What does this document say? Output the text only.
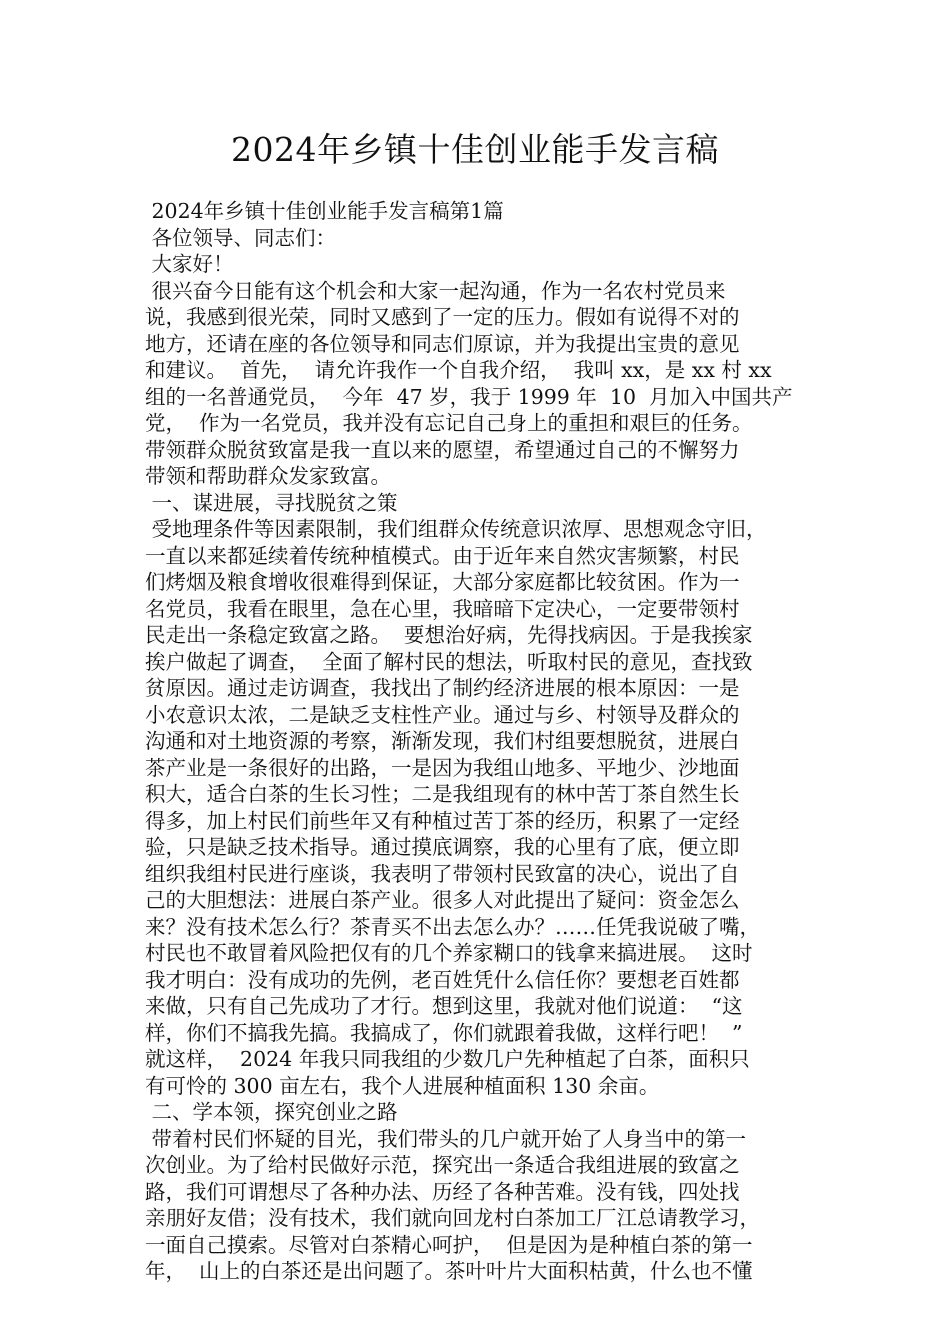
2024年乡镇十佳创业能手发言稿
2024年乡镇十佳创业能手发言稿第1篇
各位领导、同志们：
大家好！
很兴奋今日能有这个机会和大家一起沟通，作为一名农村党员来
说，我感到很光荣，同时又感到了一定的压力。假如有说得不对的
地方，还请在座的各位领导和同志们原谅，并为我提出宝贵的意见
和建议。  首先，  请允许我作一个自我介绍，  我叫 xx，是 xx 村 xx
组的一名普通党员，  今年  47 岁，我于 1999 年  10  月加入中国共产
党，  作为一名党员，我并没有忘记自己身上的重担和艰巨的任务。
带领群众脱贫致富是我一直以来的愿望，希望通过自己的不懈努力
带领和帮助群众发家致富。
一、谋进展，寻找脱贫之策
受地理条件等因素限制，我们组群众传统意识浓厚、思想观念守旧，
一直以来都延续着传统种植模式。由于近年来自然灾害频繁，村民
们烤烟及粮食增收很难得到保证，大部分家庭都比较贫困。作为一
名党员，我看在眼里，急在心里，我暗暗下定决心，一定要带领村
民走出一条稳定致富之路。  要想治好病，先得找病因。于是我挨家
挨户做起了调查，  全面了解村民的想法，听取村民的意见，查找致
贫原因。通过走访调查，我找出了制约经济进展的根本原因：一是
小农意识太浓，二是缺乏支柱性产业。通过与乡、村领导及群众的
沟通和对土地资源的考察，渐渐发现，我们村组要想脱贫，进展白
茶产业是一条很好的出路，一是因为我组山地多、平地少、沙地面
积大，适合白茶的生长习性；二是我组现有的林中苦丁茶自然生长
得多，加上村民们前些年又有种植过苦丁茶的经历，积累了一定经
验，只是缺乏技术指导。通过摸底调察，我的心里有了底，便立即
组织我组村民进行座谈，我表明了带领村民致富的决心，说出了自
己的大胆想法：进展白茶产业。很多人对此提出了疑问：资金怎么
来？没有技术怎么行？茶青买不出去怎么办？……任凭我说破了嘴，
村民也不敢冒着风险把仅有的几个养家糊口的钱拿来搞进展。  这时
我才明白：没有成功的先例，老百姓凭什么信任你？要想老百姓都
来做，只有自己先成功了才行。想到这里，我就对他们说道：  “这
样，你们不搞我先搞。我搞成了，你们就跟着我做，这样行吧！  ”
就这样，  2024 年我只同我组的少数几户先种植起了白茶，面积只
有可怜的 300 亩左右，我个人进展种植面积 130 余亩。
二、学本领，探究创业之路
带着村民们怀疑的目光，我们带头的几户就开始了人身当中的第一
次创业。为了给村民做好示范，探究出一条适合我组进展的致富之
路，我们可谓想尽了各种办法、历经了各种苦难。没有钱，四处找
亲朋好友借；没有技术，我们就向回龙村白茶加工厂江总请教学习，
一面自己摸索。尽管对白茶精心呵护，  但是因为是种植白茶的第一
年，  山上的白茶还是出问题了。茶叶叶片大面积枯黄，什么也不懂
